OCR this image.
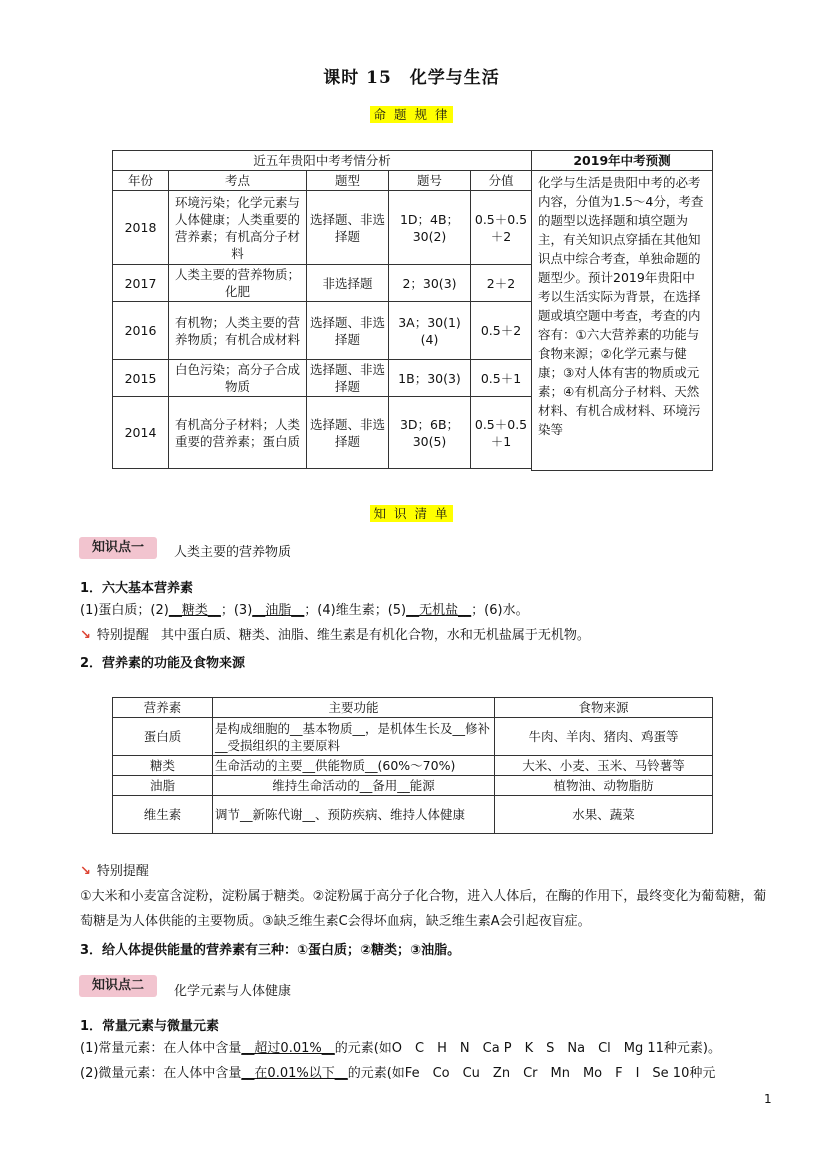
课时 15　化学与生活
命 题 规 律
近五年贵阳中考考情分析					2019年中考预测
年份	考点	题型	题号	分值	化学与生活是贵阳中考的必考内容，分值为1.5～4分，考查的题型以选择题和填空题为主，有关知识点穿插在其他知识点中综合考查，单独命题的题型少。预计2019年贵阳中考以生活实际为背景，在选择题或填空题中考查，考查的内容有：①六大营养素的功能与食物来源；②化学元素与健康；③对人体有害的物质或元素；④有机高分子材料、天然材料、有机合成材料、环境污染等
2018	环境污染；化学元素与人体健康；人类重要的营养素；有机高分子材料	选择题、非选择题	1D；4B；30(2)	0.5＋0.5＋2	
2017	人类主要的营养物质；化肥	非选择题	2；30(3)	2＋2	
2016	有机物；人类主要的营养物质；有机合成材料	选择题、非选择题	3A；30(1)(4)	0.5＋2	
2015	白色污染；高分子合成物质	选择题、非选择题	1B；30(3)	0.5＋1	
2014	有机高分子材料；人类重要的营养素；蛋白质	选择题、非选择题	3D；6B；30(5)	0.5＋0.5＋1	

知 识 清 单
知识点一	人类主要的营养物质
1．六大基本营养素
(1)蛋白质；(2)__糖类__；(3)__油脂__；(4)维生素；(5)__无机盐__；(6)水。
↘ 特别提醒 其中蛋白质、糖类、油脂、维生素是有机化合物，水和无机盐属于无机物。
2．营养素的功能及食物来源
营养素	主要功能	食物来源
蛋白质	是构成细胞的__基本物质__，是机体生长及__修补__受损组织的主要原料	牛肉、羊肉、猪肉、鸡蛋等
糖类	生命活动的主要__供能物质__(60%～70%)	大米、小麦、玉米、马铃薯等
油脂	维持生命活动的__备用__能源	植物油、动物脂肪
维生素	调节__新陈代谢__、预防疾病、维持人体健康	水果、蔬菜
↘ 特别提醒
①大米和小麦富含淀粉，淀粉属于糖类。②淀粉属于高分子化合物，进入人体后，在酶的作用下，最终变化为葡萄糖，葡萄糖是为人体供能的主要物质。③缺乏维生素C会得坏血病，缺乏维生素A会引起夜盲症。
3．给人体提供能量的营养素有三种：①蛋白质；②糖类；③油脂。
知识点二	化学元素与人体健康
1．常量元素与微量元素
(1)常量元素：在人体中含量__超过0.01%__的元素(如O　C　H　N　Ca P　K　S　Na　Cl　Mg 11种元素)。
(2)微量元素：在人体中含量__在0.01%以下__的元素(如Fe　Co　Cu　Zn　Cr　Mn　Mo　F　I　Se 10种元
1
